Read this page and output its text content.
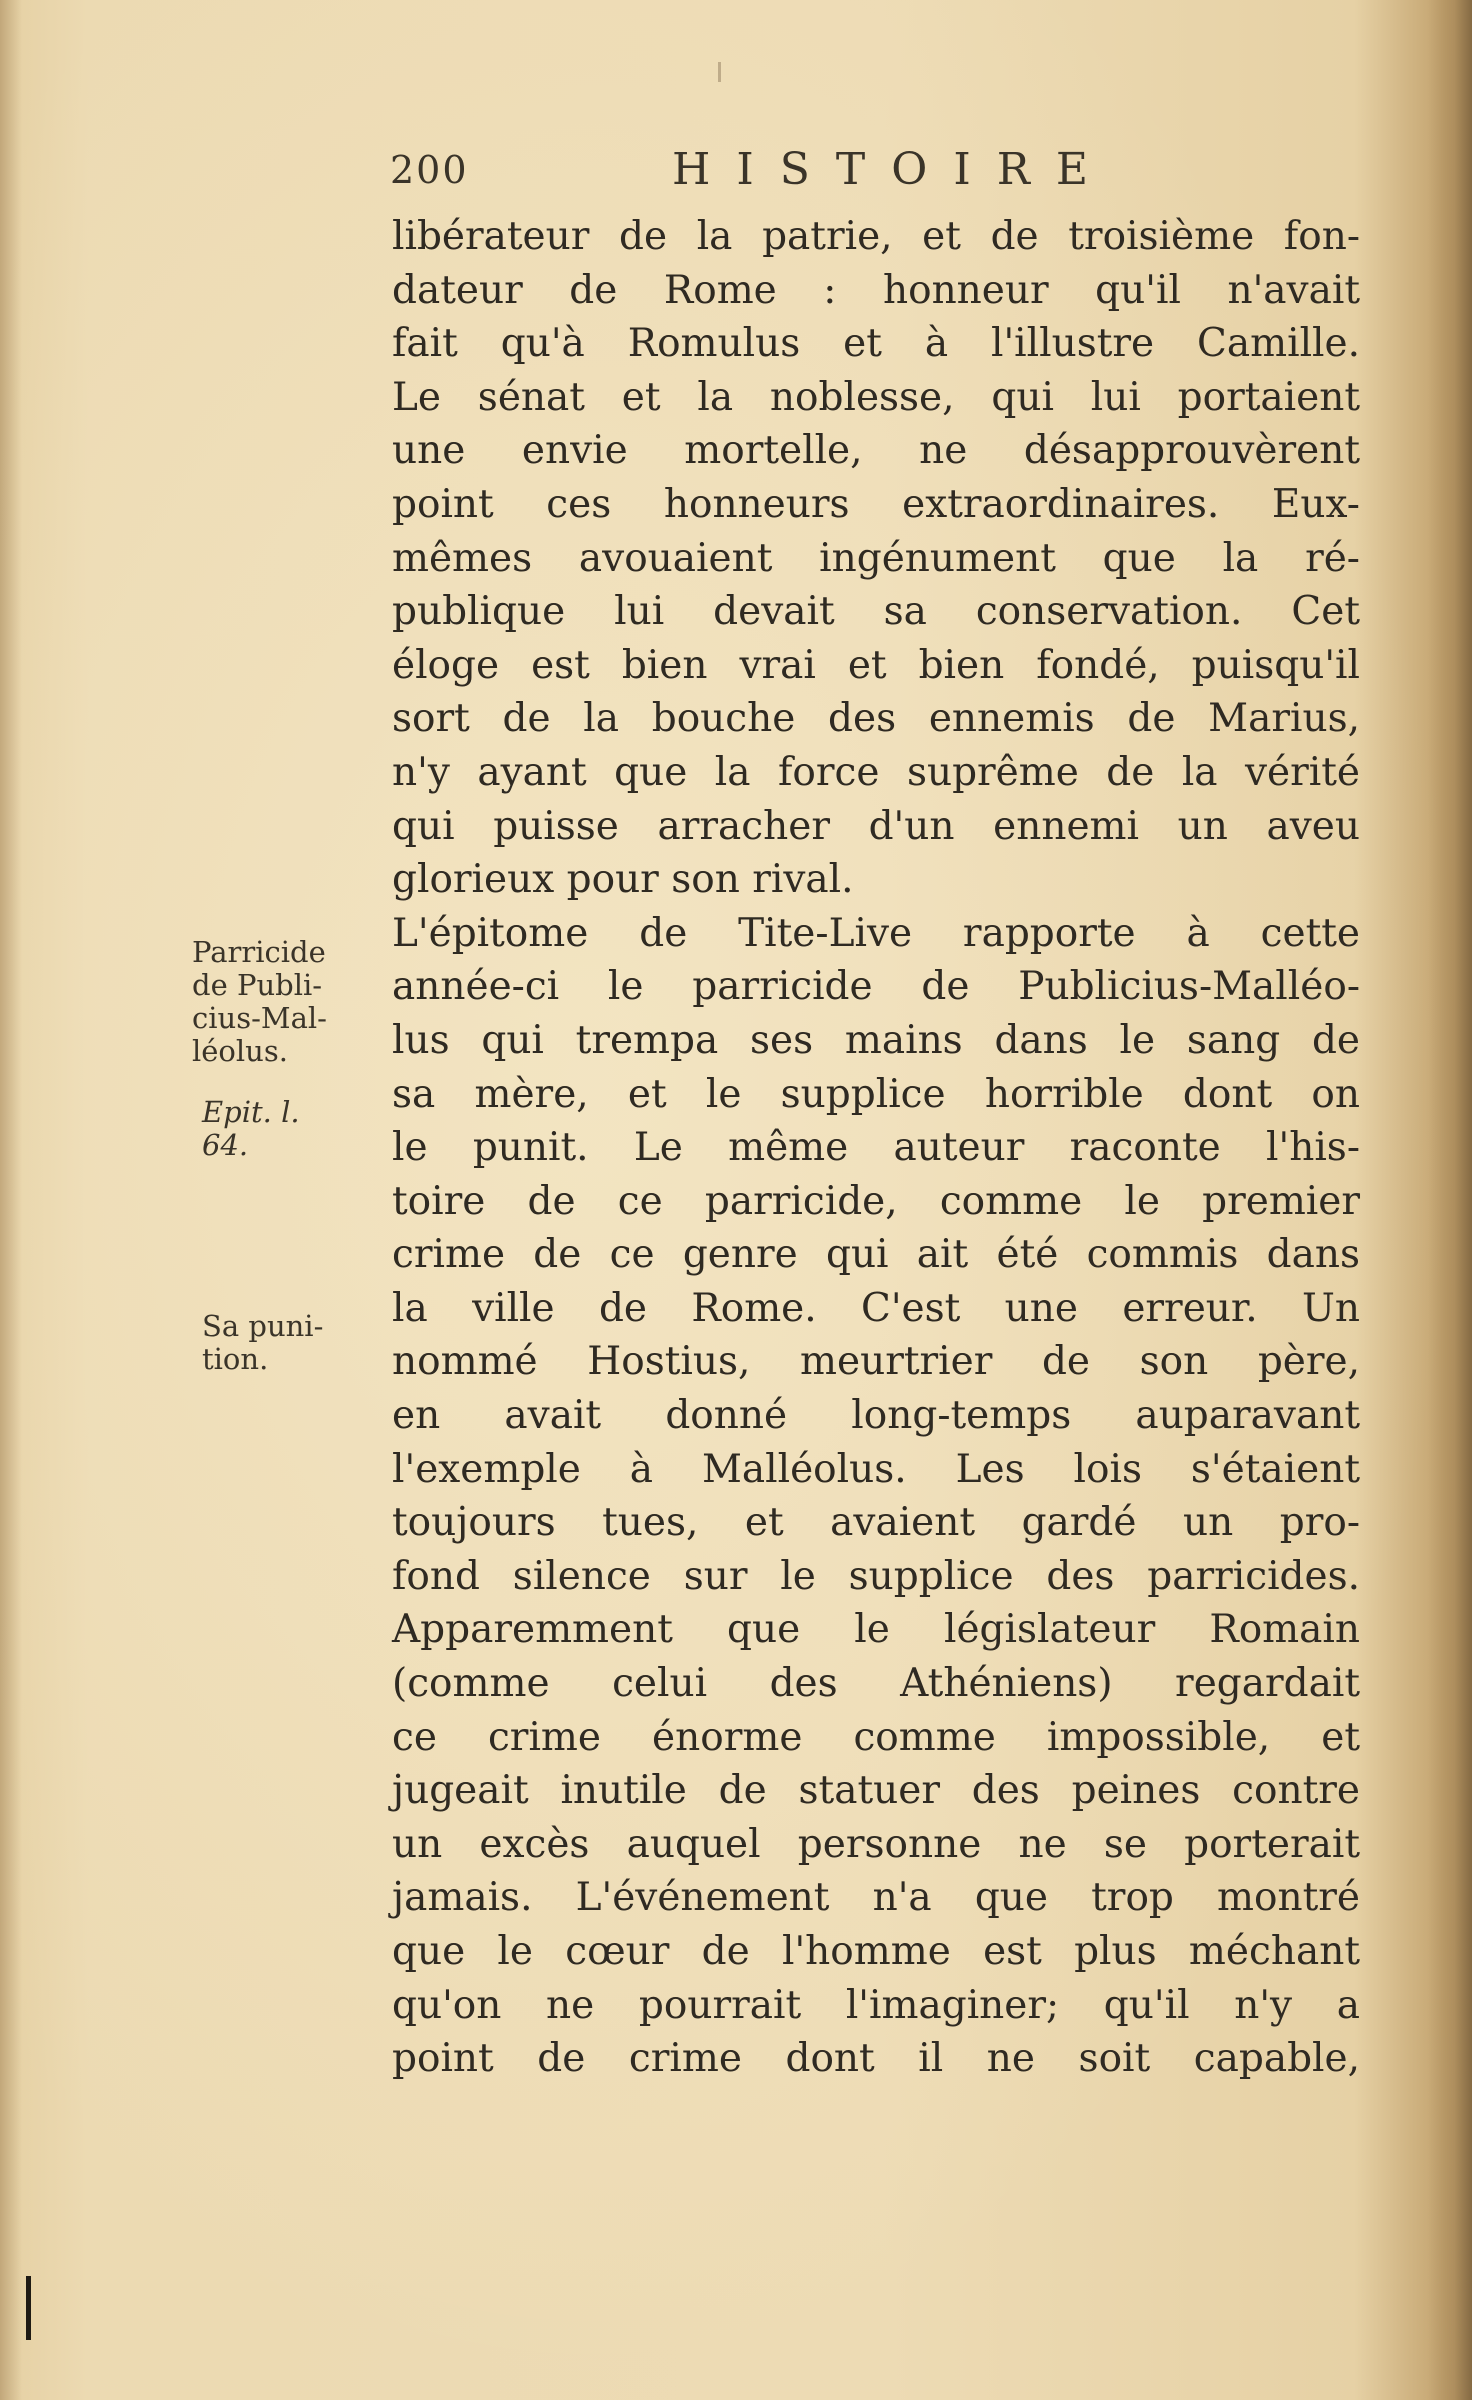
200	HISTOIRE
Parricide
de Publi-
cius-Mal-
léolus.
Epit. l.
64.
Sa puni-
tion.
libérateur de la patrie, et de troisième fon-
dateur de Rome : honneur qu'il n'avait
fait qu'à Romulus et à l'illustre Camille.
Le sénat et la noblesse, qui lui portaient
une envie mortelle, ne désapprouvèrent
point ces honneurs extraordinaires. Eux-
mêmes avouaient ingénument que la ré-
publique lui devait sa conservation. Cet
éloge est bien vrai et bien fondé, puisqu'il
sort de la bouche des ennemis de Marius,
n'y ayant que la force suprême de la vérité
qui puisse arracher d'un ennemi un aveu
glorieux pour son rival.
L'épitome de Tite-Live rapporte à cette
année-ci le parricide de Publicius-Malléo-
lus qui trempa ses mains dans le sang de
sa mère, et le supplice horrible dont on
le punit. Le même auteur raconte l'his-
toire de ce parricide, comme le premier
crime de ce genre qui ait été commis dans
la ville de Rome. C'est une erreur. Un
nommé Hostius, meurtrier de son père,
en avait donné long-temps auparavant
l'exemple à Malléolus. Les lois s'étaient
toujours tues, et avaient gardé un pro-
fond silence sur le supplice des parricides.
Apparemment que le législateur Romain
(comme celui des Athéniens) regardait
ce crime énorme comme impossible, et
jugeait inutile de statuer des peines contre
un excès auquel personne ne se porterait
jamais. L'événement n'a que trop montré
que le cœur de l'homme est plus méchant
qu'on ne pourrait l'imaginer; qu'il n'y a
point de crime dont il ne soit capable,
